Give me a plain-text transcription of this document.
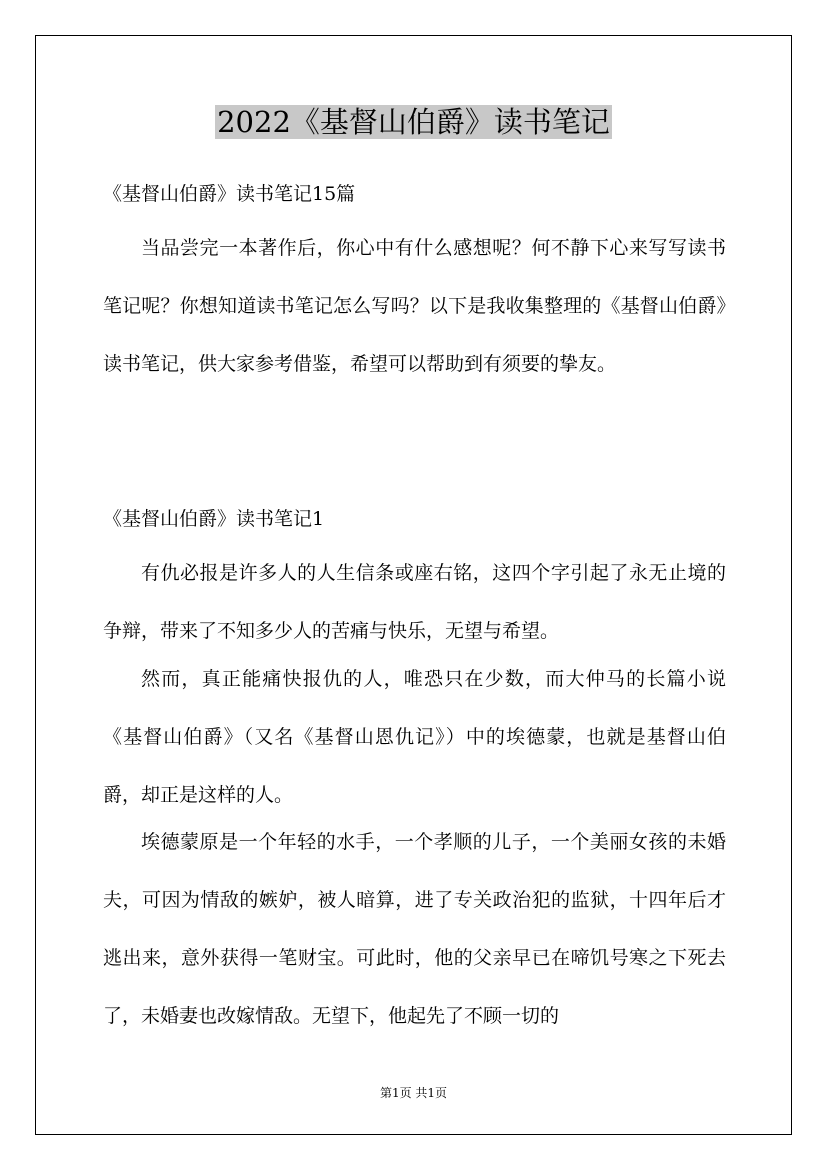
2022《基督山伯爵》读书笔记
《基督山伯爵》读书笔记15篇
当品尝完一本著作后，你心中有什么感想呢？何不静下心来写写读书笔记呢？你想知道读书笔记怎么写吗？以下是我收集整理的《基督山伯爵》读书笔记，供大家参考借鉴，希望可以帮助到有须要的挚友。
《基督山伯爵》读书笔记1
有仇必报是许多人的人生信条或座右铭，这四个字引起了永无止境的争辩，带来了不知多少人的苦痛与快乐，无望与希望。
然而，真正能痛快报仇的人，唯恐只在少数，而大仲马的长篇小说《基督山伯爵》（又名《基督山恩仇记》）中的埃德蒙，也就是基督山伯爵，却正是这样的人。
埃德蒙原是一个年轻的水手，一个孝顺的儿子，一个美丽女孩的未婚夫，可因为情敌的嫉妒，被人暗算，进了专关政治犯的监狱，十四年后才逃出来，意外获得一笔财宝。可此时，他的父亲早已在啼饥号寒之下死去了，未婚妻也改嫁情敌。无望下，他起先了不顾一切的
第1页 共1页
